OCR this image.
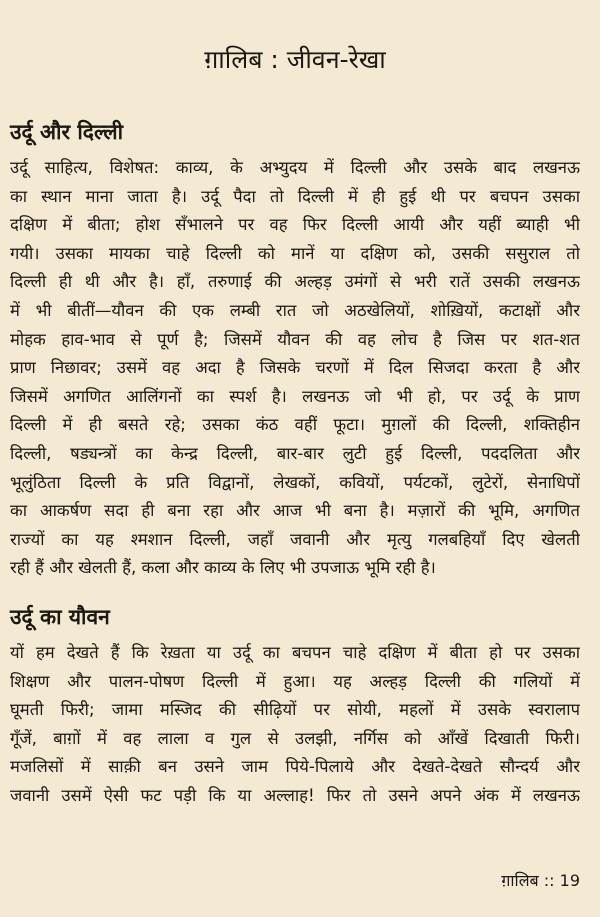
ग़ालिब : जीवन-रेखा
उर्दू और दिल्ली
उर्दू साहित्य, विशेषत: काव्य, के अभ्युदय में दिल्ली और उसके बाद लखनऊ
का स्थान माना जाता है। उर्दू पैदा तो दिल्ली में ही हुई थी पर बचपन उसका
दक्षिण में बीता; होश सँभालने पर वह फिर दिल्ली आयी और यहीं ब्याही भी
गयी। उसका मायका चाहे दिल्ली को मानें या दक्षिण को, उसकी ससुराल तो
दिल्ली ही थी और है। हाँ, तरुणाई की अल्हड़ उमंगों से भरी रातें उसकी लखनऊ
में भी बीतीं—यौवन की एक लम्बी रात जो अठखेलियों, शोख़ियों, कटाक्षों और
मोहक हाव-भाव से पूर्ण है; जिसमें यौवन की वह लोच है जिस पर शत-शत
प्राण निछावर; उसमें वह अदा है जिसके चरणों में दिल सिजदा करता है और
जिसमें अगणित आलिंगनों का स्पर्श है। लखनऊ जो भी हो, पर उर्दू के प्राण
दिल्ली में ही बसते रहे; उसका कंठ वहीं फूटा। मुग़लों की दिल्ली, शक्तिहीन
दिल्ली, षड्यन्त्रों का केन्द्र दिल्ली, बार-बार लुटी हुई दिल्ली, पददलिता और
भूलुंठिता दिल्ली के प्रति विद्वानों, लेखकों, कवियों, पर्यटकों, लुटेरों, सेनाधिपों
का आकर्षण सदा ही बना रहा और आज भी बना है। मज़ारों की भूमि, अगणित
राज्यों का यह श्मशान दिल्ली, जहाँ जवानी और मृत्यु गलबहियाँ दिए खेलती
रही हैं और खेलती हैं, कला और काव्य के लिए भी उपजाऊ भूमि रही है।
उर्दू का यौवन
यों हम देखते हैं कि रेख़ता या उर्दू का बचपन चाहे दक्षिण में बीता हो पर उसका
शिक्षण और पालन-पोषण दिल्ली में हुआ। यह अल्हड़ दिल्ली की गलियों में
घूमती फिरी; जामा मस्जिद की सीढ़ियों पर सोयी, महलों में उसके स्वरालाप
गूँजें, बाग़ों में वह लाला व गुल से उलझी, नर्गिस को आँखें दिखाती फिरी।
मजलिसों में साक़ी बन उसने जाम पिये-पिलाये और देखते-देखते सौन्दर्य और
जवानी उसमें ऐसी फट पड़ी कि या अल्लाह! फिर तो उसने अपने अंक में लखनऊ
ग़ालिब :: 19
